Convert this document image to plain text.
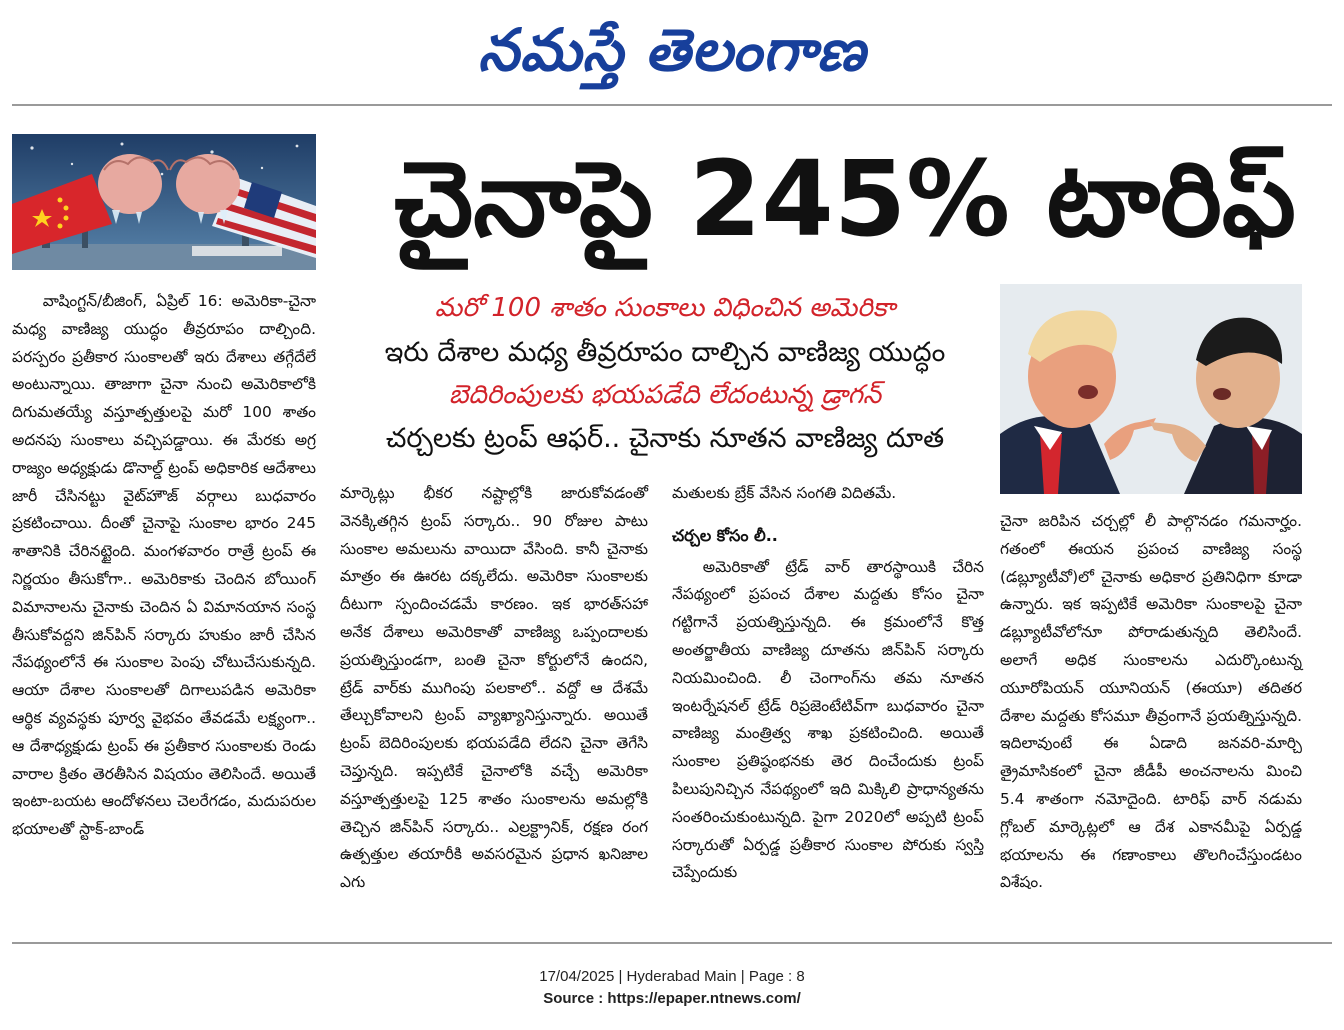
నమస్తే తెలంగాణ
చైనాపై 245% టారిఫ్
మరో 100 శాతం సుంకాలు విధించిన అమెరికా
ఇరు దేశాల మధ్య తీవ్రరూపం దాల్చిన వాణిజ్య యుద్ధం
బెదిరింపులకు భయపడేది లేదంటున్న డ్రాగన్
చర్చలకు ట్రంప్ ఆఫర్.. చైనాకు నూతన వాణిజ్య దూత

వాషింగ్టన్/బీజింగ్, ఏప్రిల్ 16: అమెరికా-చైనా మధ్య వాణిజ్య యుద్ధం తీవ్రరూపం దాల్చింది. పరస్పరం ప్రతీకార సుంకాలతో ఇరు దేశాలు తగ్గేదేలే అంటున్నాయి. తాజాగా చైనా నుంచి అమెరికాలోకి దిగుమతయ్యే వస్తూత్పత్తులపై మరో 100 శాతం అదనపు సుంకాలు వచ్చిపడ్డాయి. ఈ మేరకు అగ్ర రాజ్యం అధ్యక్షుడు డొనాల్డ్ ట్రంప్ అధికారిక ఆదేశాలు జారీ చేసినట్టు వైట్‌హౌజ్ వర్గాలు బుధవారం ప్రకటించాయి. దీంతో చైనాపై సుంకాల భారం 245 శాతానికి చేరినట్టైంది. మంగళవారం రాత్రే ట్రంప్ ఈ నిర్ణయం తీసుకోగా.. అమెరికాకు చెందిన బోయింగ్ విమానాలను చైనాకు చెందిన ఏ విమానయాన సంస్థ తీసుకోవద్దని జిన్‌పిన్ సర్కారు హుకుం జారీ చేసిన నేపథ్యంలోనే ఈ సుంకాల పెంపు చోటుచేసుకున్నది. ఆయా దేశాల సుంకాలతో దిగాలుపడిన అమెరికా ఆర్థిక వ్యవస్థకు పూర్వ వైభవం తేవడమే లక్ష్యంగా.. ఆ దేశాధ్యక్షుడు ట్రంప్ ఈ ప్రతీకార సుంకాలకు రెండు వారాల క్రితం తెరతీసిన విషయం తెలిసిందే. అయితే ఇంటా-బయట ఆందోళనలు చెలరేగడం, మదుపరుల భయాలతో స్టాక్-బాండ్

మార్కెట్లు భీకర నష్టాల్లోకి జారుకోవడంతో వెనక్కితగ్గిన ట్రంప్ సర్కారు.. 90 రోజుల పాటు సుంకాల అమలును వాయిదా వేసింది. కానీ చైనాకు మాత్రం ఈ ఊరట దక్కలేదు. అమెరికా సుంకాలకు దీటుగా స్పందించడమే కారణం. ఇక భారత్‌సహా అనేక దేశాలు అమెరికాతో వాణిజ్య ఒప్పందాలకు ప్రయత్నిస్తుండగా, బంతి చైనా కోర్టులోనే ఉందని, ట్రేడ్ వార్‌కు ముగింపు పలకాలో.. వద్దో ఆ దేశమే తేల్చుకోవాలని ట్రంప్ వ్యాఖ్యానిస్తున్నారు. అయితే ట్రంప్ బెదిరింపులకు భయపడేది లేదని చైనా తెగేసి చెప్తున్నది. ఇప్పటికే చైనాలోకి వచ్చే అమెరికా వస్తూత్పత్తులపై 125 శాతం సుంకాలను అమల్లోకి తెచ్చిన జిన్‌పిన్ సర్కారు.. ఎల్రక్ట్రానిక్, రక్షణ రంగ ఉత్పత్తుల తయారీకి అవసరమైన ప్రధాన ఖనిజాల ఎగు

మతులకు బ్రేక్ వేసిన సంగతి విదితమే.

చర్చల కోసం లీ..

అమెరికాతో ట్రేడ్ వార్ తారస్థాయికి చేరిన నేపథ్యంలో ప్రపంచ దేశాల మద్దతు కోసం చైనా గట్టిగానే ప్రయత్నిస్తున్నది. ఈ క్రమంలోనే కొత్త అంతర్జాతీయ వాణిజ్య దూతను జిన్‌పిన్ సర్కారు నియమించింది. లీ చెంగాంగ్‌ను తమ నూతన ఇంటర్నేషనల్ ట్రేడ్ రిప్రజెంటేటివ్‌గా బుధవారం చైనా వాణిజ్య మంత్రిత్వ శాఖ ప్రకటించింది. అయితే సుంకాల ప్రతిష్ఠంభనకు తెర దించేందుకు ట్రంప్ పిలుపునిచ్చిన నేపథ్యంలో ఇది మిక్కిలి ప్రాధాన్యతను సంతరించుకుంటున్నది. పైగా 2020లో అప్పటి ట్రంప్ సర్కారుతో ఏర్పడ్డ ప్రతీకార సుంకాల పోరుకు స్వస్తి చెప్పేందుకు

చైనా జరిపిన చర్చల్లో లీ పాల్గొనడం గమనార్హం. గతంలో ఈయన ప్రపంచ వాణిజ్య సంస్థ (డబ్ల్యూటీవో)లో చైనాకు అధికార ప్రతినిధిగా కూడా ఉన్నారు. ఇక ఇప్పటికే అమెరికా సుంకాలపై చైనా డబ్ల్యూటీవోలోనూ పోరాడుతున్నది తెలిసిందే. అలాగే అధిక సుంకాలను ఎదుర్కొంటున్న యూరోపియన్ యూనియన్ (ఈయూ) తదితర దేశాల మద్దతు కోసమూ తీవ్రంగానే ప్రయత్నిస్తున్నది. ఇదిలావుంటే ఈ ఏడాది జనవరి-మార్చి త్రైమాసికంలో చైనా జీడీపీ అంచనాలను మించి 5.4 శాతంగా నమోదైంది. టారిఫ్ వార్ నడుమ గ్లోబల్ మార్కెట్లలో ఆ దేశ ఎకానమీపై ఏర్పడ్డ భయాలను ఈ గణాంకాలు తొలగించేస్తుండటం విశేషం.

17/04/2025 | Hyderabad Main | Page : 8
Source : https://epaper.ntnews.com/
